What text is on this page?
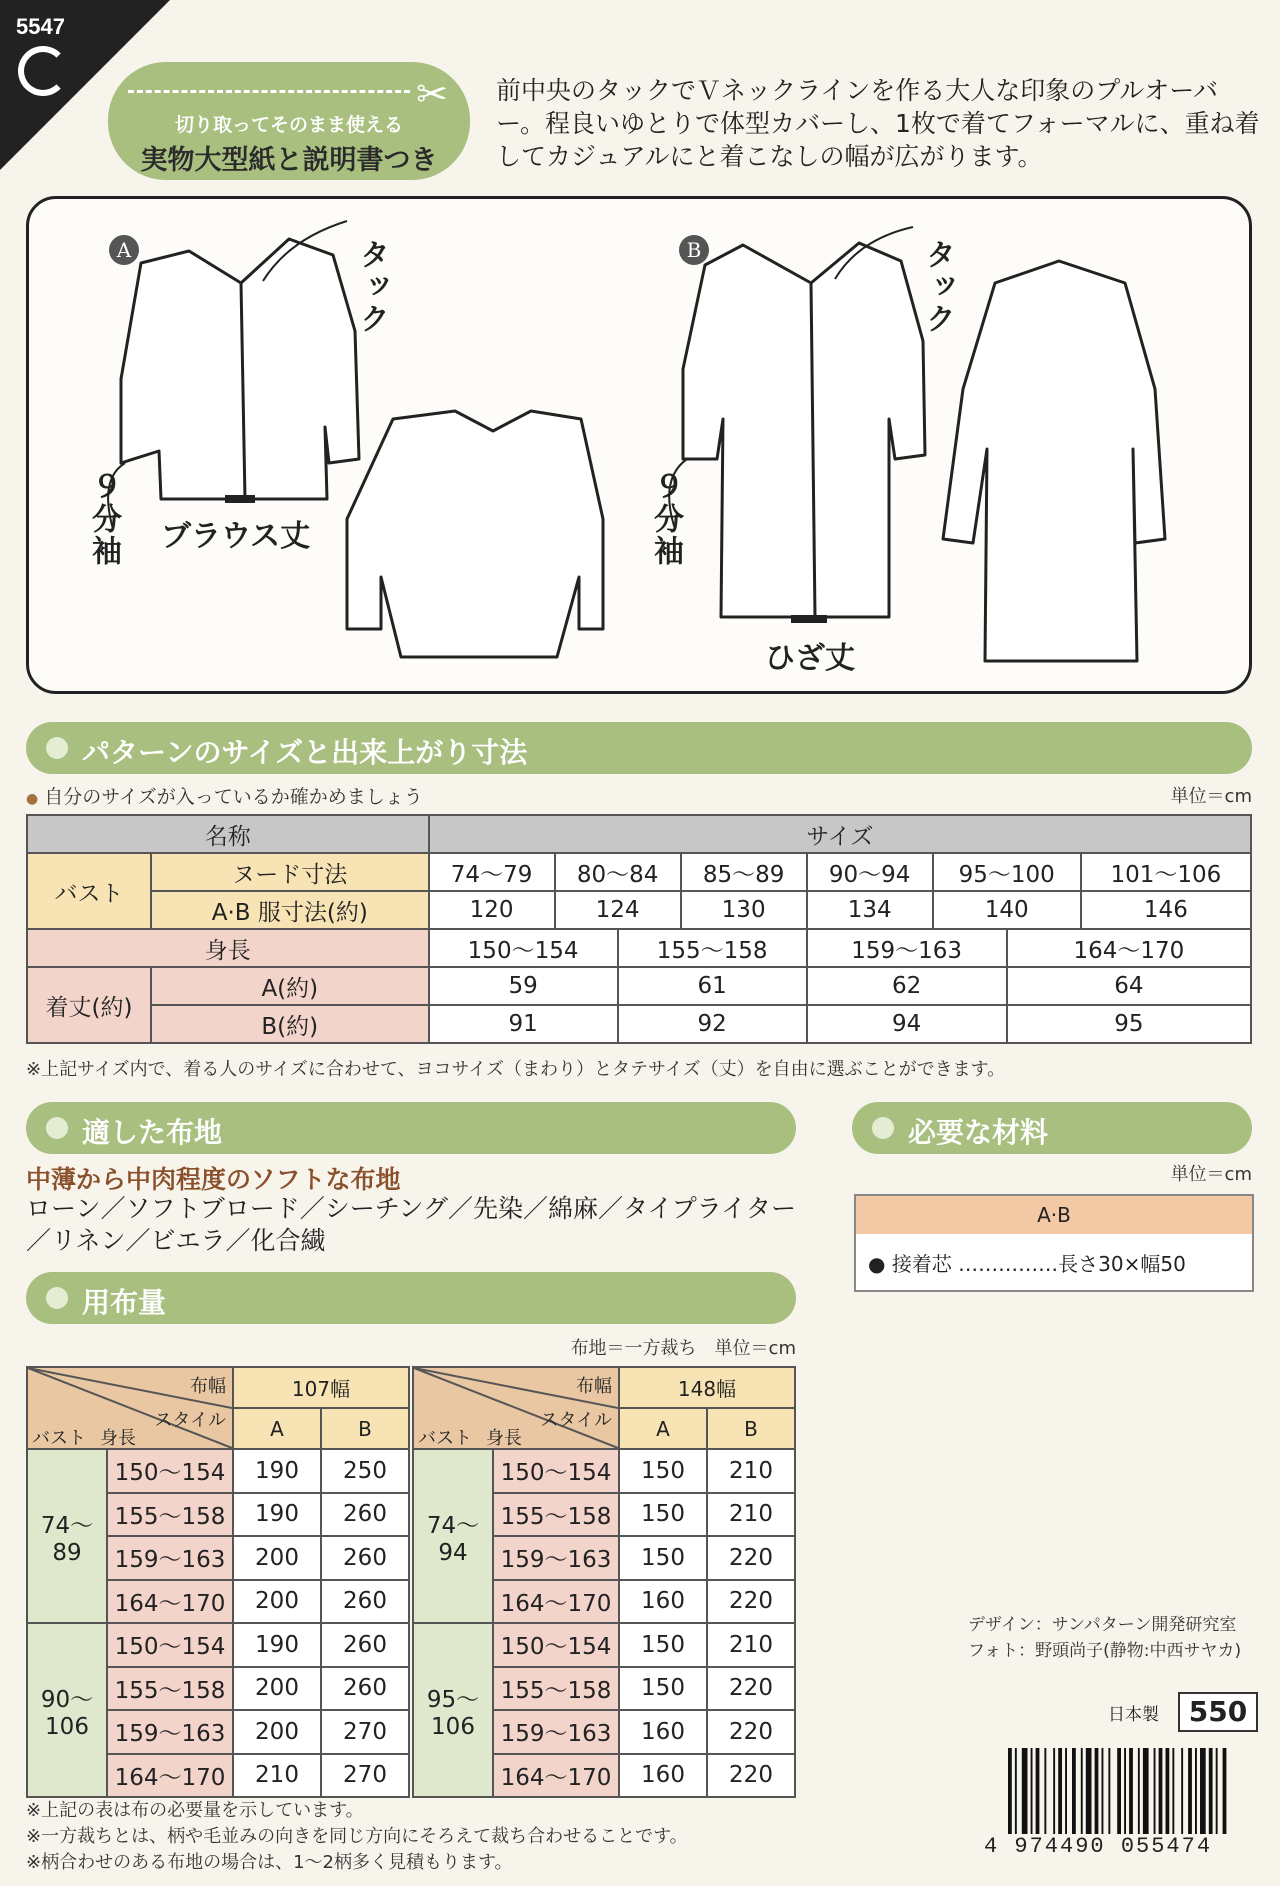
5547
✂
切り取ってそのまま使える
実物大型紙と説明書つき
前中央のタックでＶネックラインを作る大人な印象のプルオーバー。程良いゆとりで体型カバーし、1枚で着てフォーマルに、重ね着してカジュアルにと着こなしの幅が広がります。
A	B
タック	タック
９分袖	９分袖
ブラウス丈
ひざ丈
パターンのサイズと出来上がり寸法
● 自分のサイズが入っているか確かめましょう	単位＝cm
名称		サイズ							
バスト	ヌード寸法	74〜79	80〜84		85〜89	90〜94	95〜100		101〜106
	A·B 服寸法(約)	120	124		130	134	140		146
身長		150〜154		155〜158		159〜163		164〜170	
着丈(約)	A(約)	59		61		62		64	
	B(約)	91		92		94		95	
※上記サイズ内で、着る人のサイズに合わせて、ヨコサイズ（まわり）とタテサイズ（丈）を自由に選ぶことができます。
適した布地
中薄から中肉程度のソフトな布地
ローン／ソフトブロード／シーチング／先染／綿麻／タイプライター／リネン／ビエラ／化合繊
必要な材料
単位＝cm
A·B
● 接着芯 ……………長さ30×幅50
用布量
布地＝一方裁ち　単位＝cm
布幅
スタイル
身長
バスト		107幅	
		A	B
74〜89	150〜154	190	250
	155〜158	190	260
	159〜163	200	260
	164〜170	200	260
90〜106	150〜154	190	260
	155〜158	200	260
	159〜163	200	270
	164〜170	210	270
布幅
スタイル
身長
バスト		148幅	
		A	B
74〜94	150〜154	150	210
	155〜158	150	210
	159〜163	150	220
	164〜170	160	220
95〜106	150〜154	150	210
	155〜158	150	220
	159〜163	160	220
	164〜170	160	220
※上記の表は布の必要量を示しています。
※一方裁ちとは、柄や毛並みの向きを同じ方向にそろえて裁ち合わせることです。
※柄合わせのある布地の場合は、1〜2柄多く見積もります。
デザイン：サンパターン開発研究室
フォト：野頭尚子(静物:中西サヤカ)
日本製	550
4 974490 055474
